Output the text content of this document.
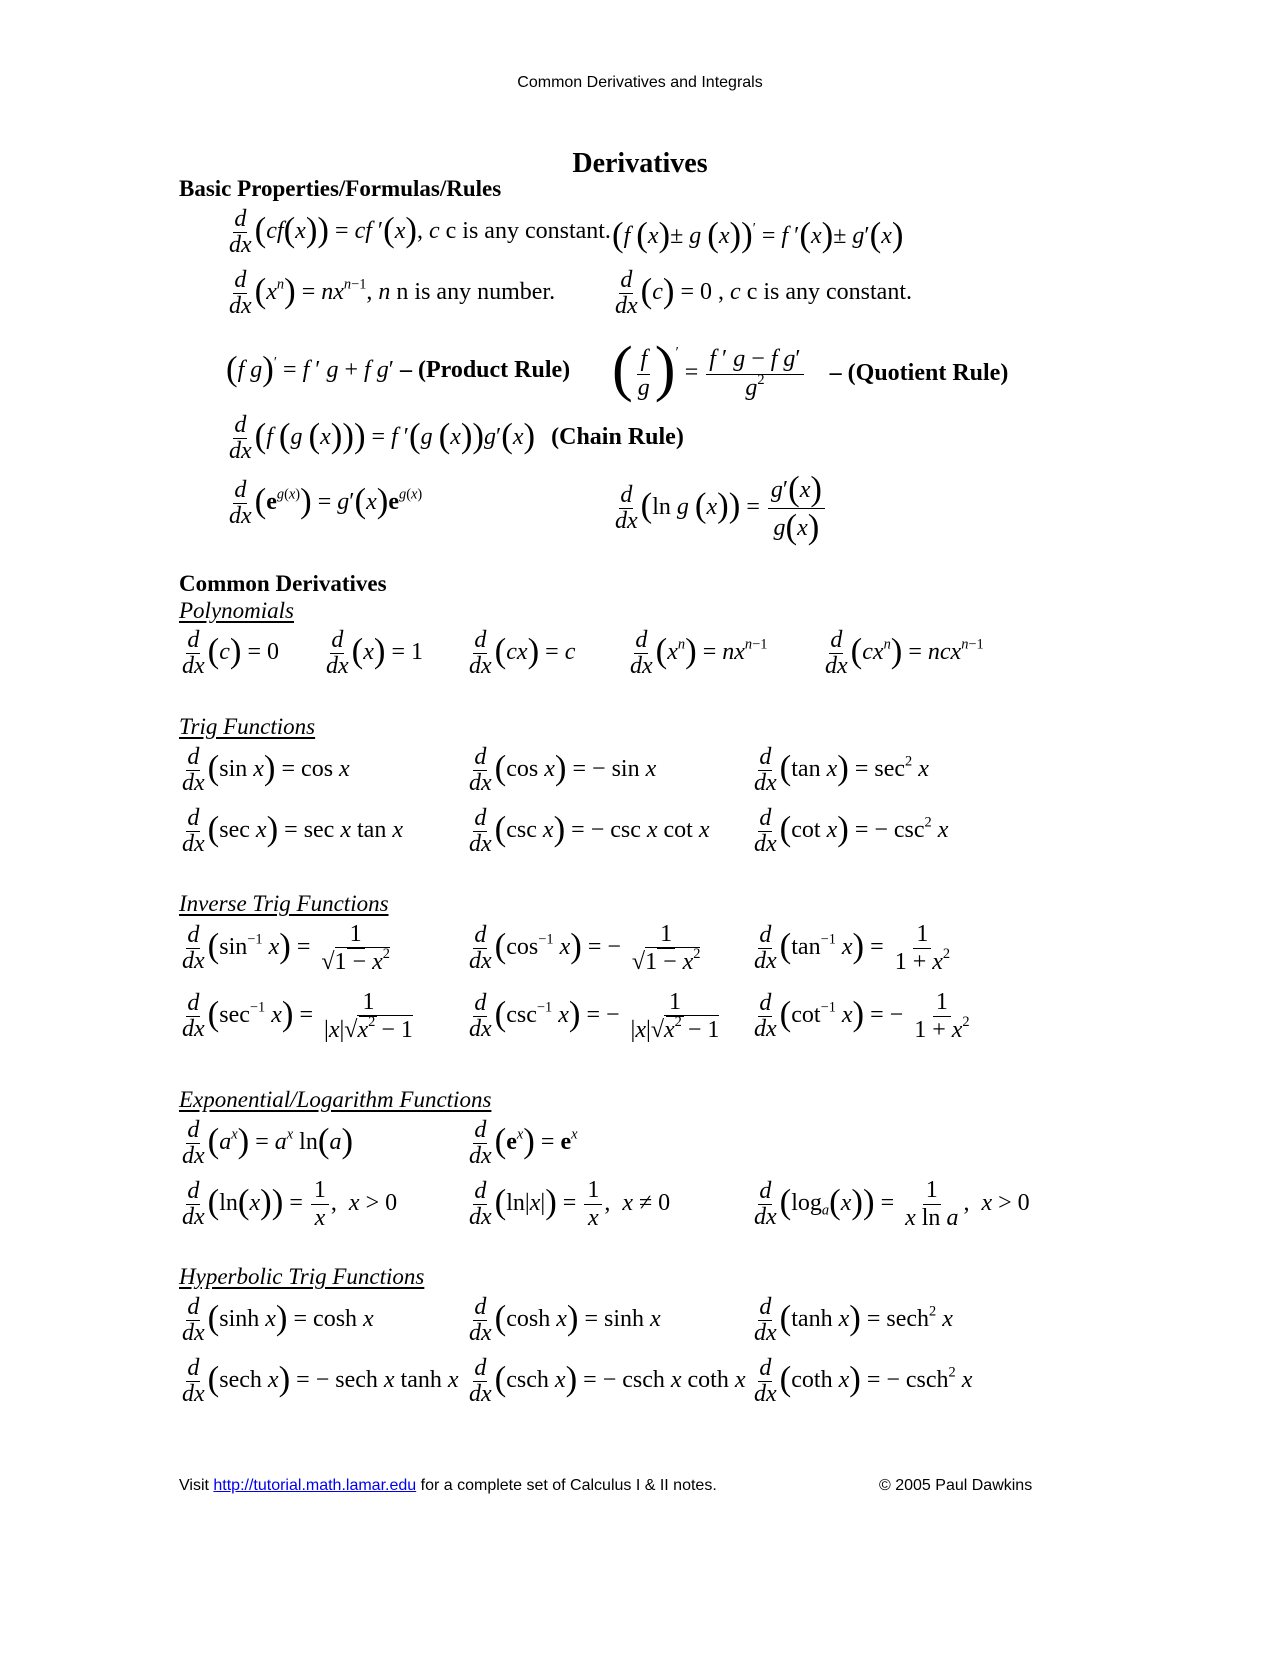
Common Derivatives and Integrals
Derivatives
Basic Properties/Formulas/Rules
$\frac{d}{dx} (cf(x))$ = cf ′(x), c c is any constant. (f (x)± g (x))′ = f ′(x)± g′(x)
$\frac{d}{dx} (x^n) = nx^{n-1}$, n n is any number. $\frac{d}{dx} (c) = 0$ , c c is any constant.
(f g)′ = f ′ g + f g′ – (Product Rule) ( $\frac{f}{g} )' = \frac{\text{f ′ g − f g′}}{g^2}$ – (Quotient Rule)
$\frac{d}{dx} (f$ (g (x))) = f ′(g (x))g′(x) (Chain Rule)
$\frac{d}{dx} (e^{g(x)}) = g'(x)e^{g(x)}$	$\frac{d}{dx} (\ln$ g $(x)) = \frac{g'(x)}{g(x)}$
Common Derivatives
Polynomials
$\frac{d}{dx} (c) = 0 \frac{d}{dx} (x) = 1 \frac{d}{dx} (cx) = c \frac{d}{dx} (x^n) = nx^{n-1} \frac{d}{dx} (cx^n) = ncx^{n-1}$
Trig Functions
$\frac{d}{dx} (\sin$ x) = cos x	$\frac{d}{dx} (\cos$ x) = − sin x	$\frac{d}{dx} (\tan$ $x) = \sec^2 x$
$\frac{d}{dx} (\sec$ x) = sec x tan x	$\frac{d}{dx} (\csc$ x) = − csc x cot x $\frac{d}{dx} (\cot$ x) = − $\csc^2 x$
Inverse Trig Functions
$\frac{d}{dx} (\sin^{-1}$ $x) = \frac{1}{√1 - x^2}$	$\frac{d}{dx} (\cos^{-1}$ x) = − $\frac{1}{√1 - x^2} \frac{d}{dx} (\tan^{-1}$ $x) = \frac{1}{1 + x^2}$
$\frac{d}{dx} (\sec^{-1}$ $x) = \frac{1}{|x|√x^2 - 1} \frac{d}{dx} (\csc^{-1}$ x) = − $\frac{1}{|x|√x^2 - 1} \frac{d}{dx} (\cot^{-1}$ x) = − $\frac{1}{1 + x^2}$
Exponential/Logarithm Functions
$\frac{d}{dx} (a^x) = a^x$ ln(a)	$\frac{d}{dx} (e^x) = e^x$
$\frac{d}{dx} (\ln(x)) = \frac{1}{x}$ ,  x > 0	$\frac{d}{dx} (\ln|x|) = \frac{1}{x}$ ,  x ≠ 0	$\frac{d}{dx} (\log_a(x)) = \frac{1}{\text{x ln a}}$ ,  x > 0
Hyperbolic Trig Functions
$\frac{d}{dx} (\sinh$ x) = cosh x	$\frac{d}{dx} (\cosh$ x) = sinh x	$\frac{d}{dx} (\tanh$ x) = sech$^2$ x
$\frac{d}{dx} (\sec h$ x) = − sech x tanh x $\frac{d}{dx} (\csc h$ x) = − csch x coth x $\frac{d}{dx} (\cot h$ x) = − csch$^2$ x
Visit http://tutorial.math.lamar.edu for a complete set of Calculus I & II notes.	© 2005 Paul Dawkins
